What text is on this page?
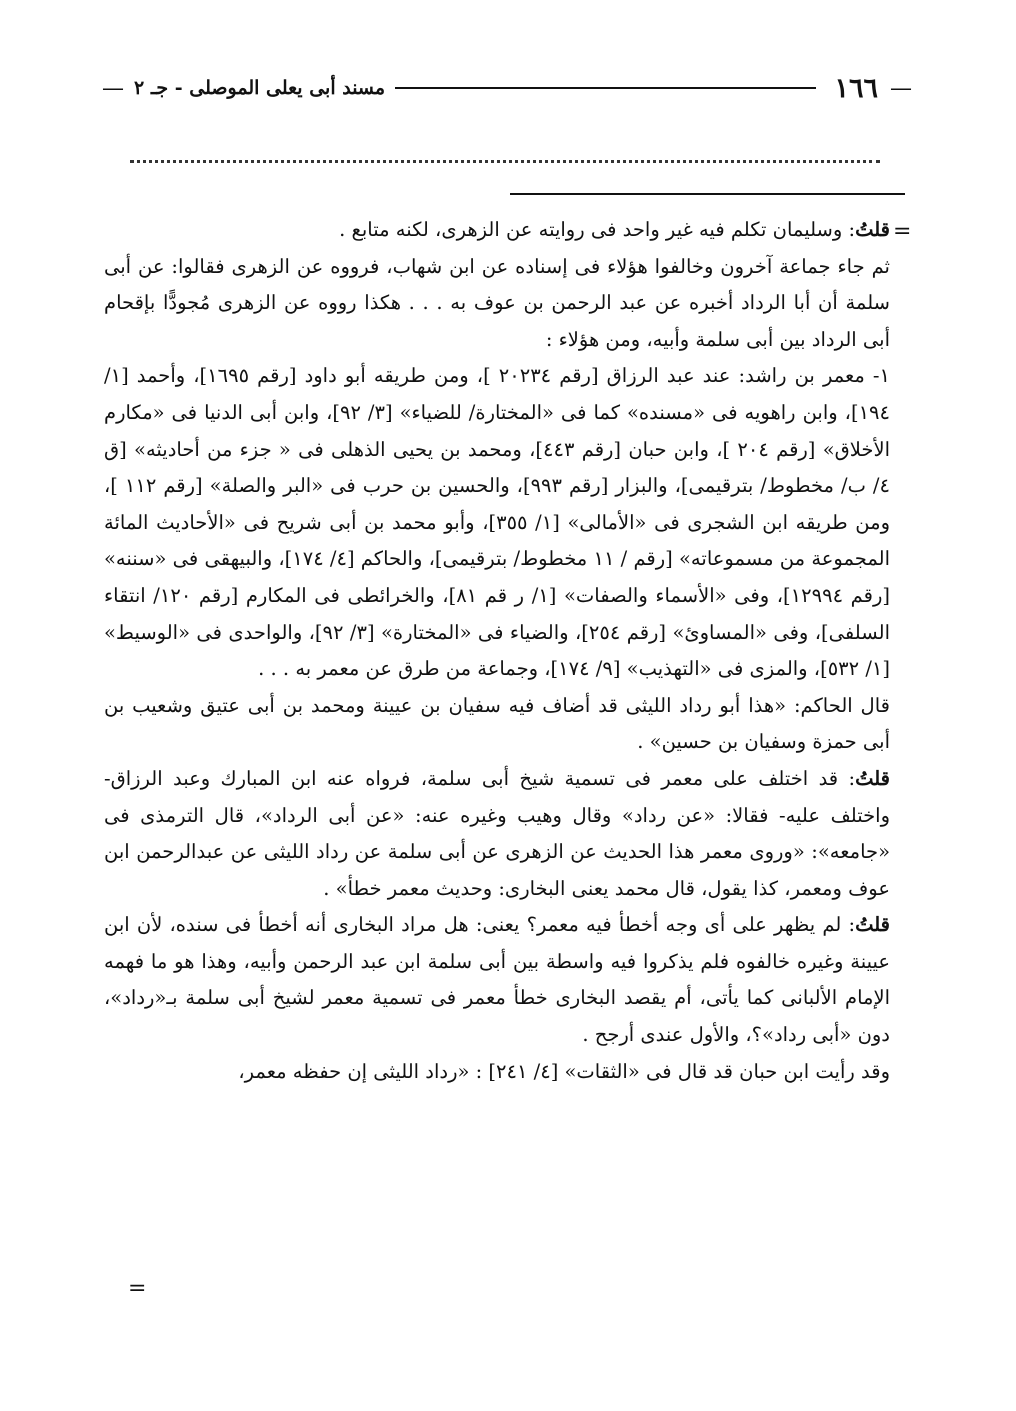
—
١٦٦
مسند أبى يعلى الموصلى - جـ ٢
—
=

قلتُ: وسليمان تكلم فيه غير واحد فى روايته عن الزهرى، لكنه متابع .

ثم جاء جماعة آخرون وخالفوا هؤلاء فى إسناده عن ابن شهاب، فرووه عن الزهرى فقالوا: عن أبى سلمة أن أبا الرداد أخبره عن عبد الرحمن بن عوف به . . . هكذا رووه عن الزهرى مُجودًّا بإقحام أبى الرداد بين أبى سلمة وأبيه، ومن هؤلاء :

١- معمر بن راشد: عند عبد الرزاق [رقم ٢٠٢٣٤ ]، ومن طريقه أبو داود [رقم ١٦٩٥]، وأحمد [١/ ١٩٤]، وابن راهويه فى «مسنده» كما فى «المختارة/ للضياء» [٣/ ٩٢]، وابن أبى الدنيا فى «مكارم الأخلاق» [رقم ٢٠٤ ]، وابن حبان [رقم ٤٤٣]، ومحمد بن يحيى الذهلى فى « جزء من أحاديثه» [ق ٤/ ب/ مخطوط/ بترقيمى]، والبزار [رقم ٩٩٣]، والحسين بن حرب فى «البر والصلة» [رقم ١١٢ ]، ومن طريقه ابن الشجرى فى «الأمالى» [١/ ٣٥٥]، وأبو محمد بن أبى شريح فى «الأحاديث المائة المجموعة من مسموعاته» [رقم / ١١ مخطوط/ بترقيمى]، والحاكم [٤/ ١٧٤]، والبيهقى فى «سننه» [رقم ١٢٩٩٤]، وفى «الأسماء والصفات» [١/ ر قم ٨١]، والخرائطى فى المكارم [رقم ١٢٠/ انتقاء السلفى]، وفى «المساوئ» [رقم ٢٥٤]، والضياء فى «المختارة» [٣/ ٩٢]، والواحدى فى «الوسيط» [١/ ٥٣٢]، والمزى فى «التهذيب» [٩/ ١٧٤]، وجماعة من طرق عن معمر به . . .

قال الحاكم: «هذا أبو رداد الليثى قد أضاف فيه سفيان بن عيينة ومحمد بن أبى عتيق وشعيب بن أبى حمزة وسفيان بن حسين» .

قلتُ: قد اختلف على معمر فى تسمية شيخ أبى سلمة، فرواه عنه ابن المبارك وعبد الرزاق- واختلف عليه- فقالا: «عن رداد» وقال وهيب وغيره عنه: «عن أبى الرداد»، قال الترمذى فى «جامعه»: «وروى معمر هذا الحديث عن الزهرى عن أبى سلمة عن رداد الليثى عن عبدالرحمن ابن عوف ومعمر، كذا يقول، قال محمد يعنى البخارى: وحديث معمر خطأ» .

قلتُ: لم يظهر على أى وجه أخطأ فيه معمر؟ يعنى: هل مراد البخارى أنه أخطأ فى سنده، لأن ابن عيينة وغيره خالفوه فلم يذكروا فيه واسطة بين أبى سلمة ابن عبد الرحمن وأبيه، وهذا هو ما فهمه الإمام الألبانى كما يأتى، أم يقصد البخارى خطأ معمر فى تسمية معمر لشيخ أبى سلمة بـ«رداد»، دون «أبى رداد»؟، والأول عندى أرجح .

وقد رأيت ابن حبان قد قال فى «الثقات» [٤/ ٢٤١] : «رداد الليثى إن حفظه معمر،

=
